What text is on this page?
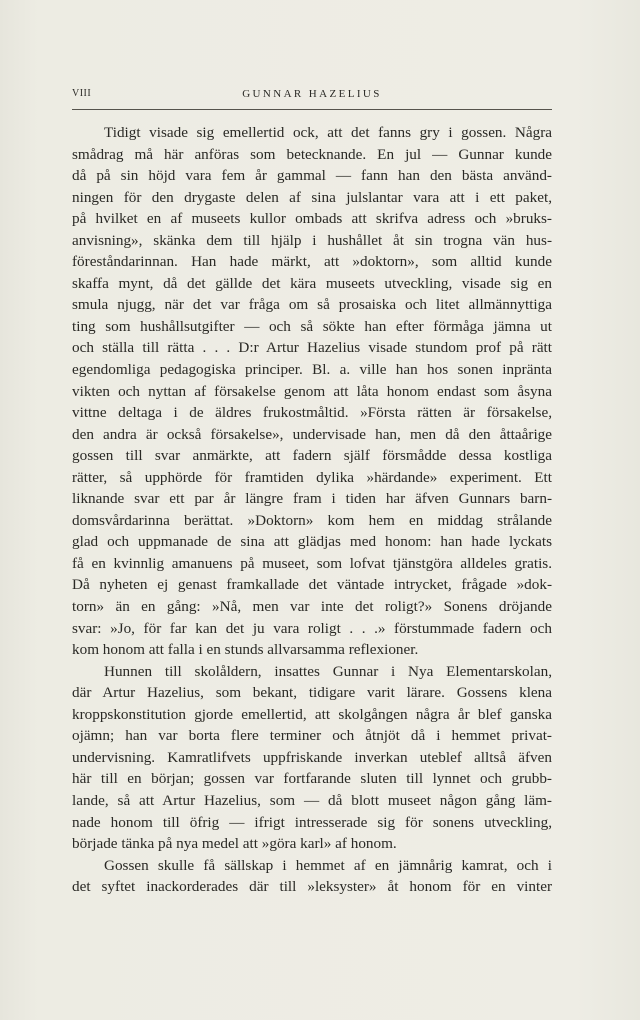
VIII	GUNNAR HAZELIUS
Tidigt visade sig emellertid ock, att det fanns gry i gossen. Några
smådrag må här anföras som betecknande. En jul — Gunnar kunde
då på sin höjd vara fem år gammal — fann han den bästa använd-
ningen för den drygaste delen af sina julslantar vara att i ett paket,
på hvilket en af museets kullor ombads att skrifva adress och »bruks-
anvisning», skänka dem till hjälp i hushållet åt sin trogna vän hus-
föreståndarinnan. Han hade märkt, att »doktorn», som alltid kunde
skaffa mynt, då det gällde det kära museets utveckling, visade sig en
smula njugg, när det var fråga om så prosaiska och litet allmännyttiga
ting som hushållsutgifter — och så sökte han efter förmåga jämna ut
och ställa till rätta . . . D:r Artur Hazelius visade stundom prof på rätt
egendomliga pedagogiska principer. Bl. a. ville han hos sonen inpränta
vikten och nyttan af försakelse genom att låta honom endast som åsyna
vittne deltaga i de äldres frukostmåltid. »Första rätten är försakelse,
den andra är också försakelse», undervisade han, men då den åttaårige
gossen till svar anmärkte, att fadern själf försmådde dessa kostliga
rätter, så upphörde för framtiden dylika »härdande» experiment. Ett
liknande svar ett par år längre fram i tiden har äfven Gunnars barn-
domsvårdarinna berättat. »Doktorn» kom hem en middag strålande
glad och uppmanade de sina att glädjas med honom: han hade lyckats
få en kvinnlig amanuens på museet, som lofvat tjänstgöra alldeles gratis.
Då nyheten ej genast framkallade det väntade intrycket, frågade »dok-
torn» än en gång: »Nå, men var inte det roligt?» Sonens dröjande
svar: »Jo, för far kan det ju vara roligt . . .» förstummade fadern och
kom honom att falla i en stunds allvarsamma reflexioner.
Hunnen till skolåldern, insattes Gunnar i Nya Elementarskolan,
där Artur Hazelius, som bekant, tidigare varit lärare. Gossens klena
kroppskonstitution gjorde emellertid, att skolgången några år blef ganska
ojämn; han var borta flere terminer och åtnjöt då i hemmet privat-
undervisning. Kamratlifvets uppfriskande inverkan uteblef alltså äfven
här till en början; gossen var fortfarande sluten till lynnet och grubb-
lande, så att Artur Hazelius, som — då blott museet någon gång läm-
nade honom till öfrig — ifrigt intresserade sig för sonens utveckling,
började tänka på nya medel att »göra karl» af honom.
Gossen skulle få sällskap i hemmet af en jämnårig kamrat, och i
det syftet inackorderades där till »leksyster» åt honom för en vinter
